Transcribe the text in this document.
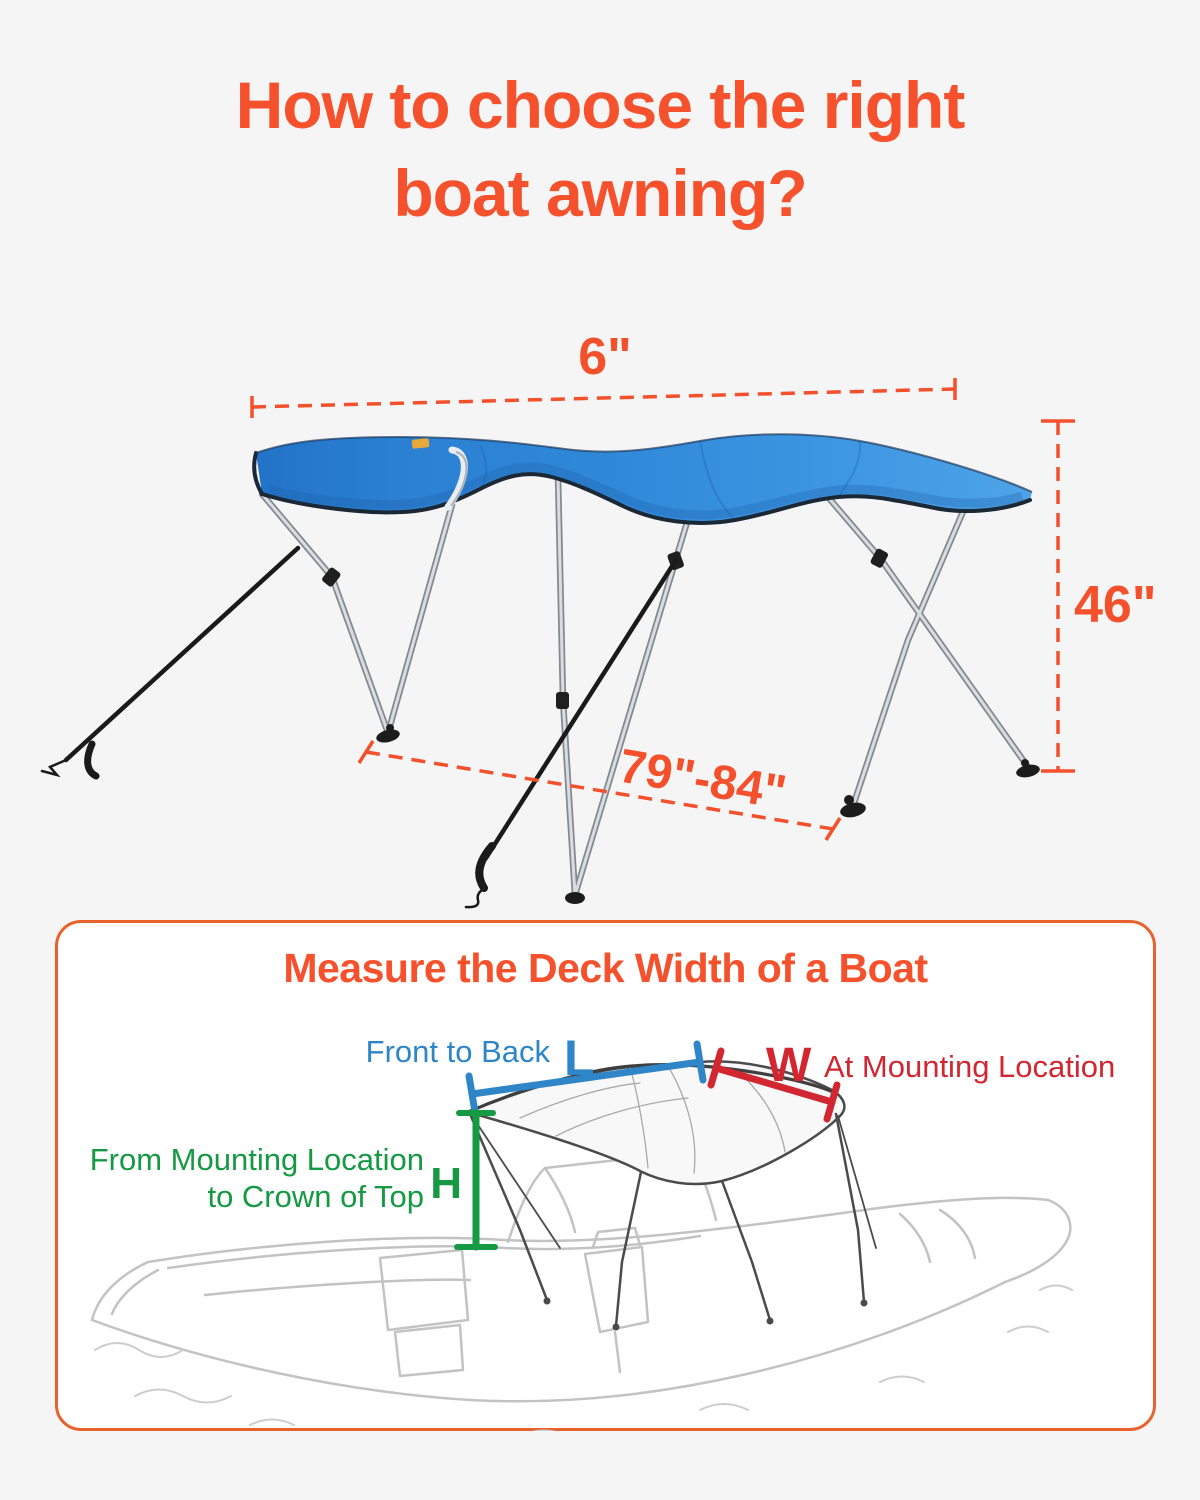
How to choose the right
boat awning?
6"
46"
79"-84"
Measure the Deck Width of a Boat
Front to Back L	W At Mounting Location
H
From Mounting Location
to Crown of Top
